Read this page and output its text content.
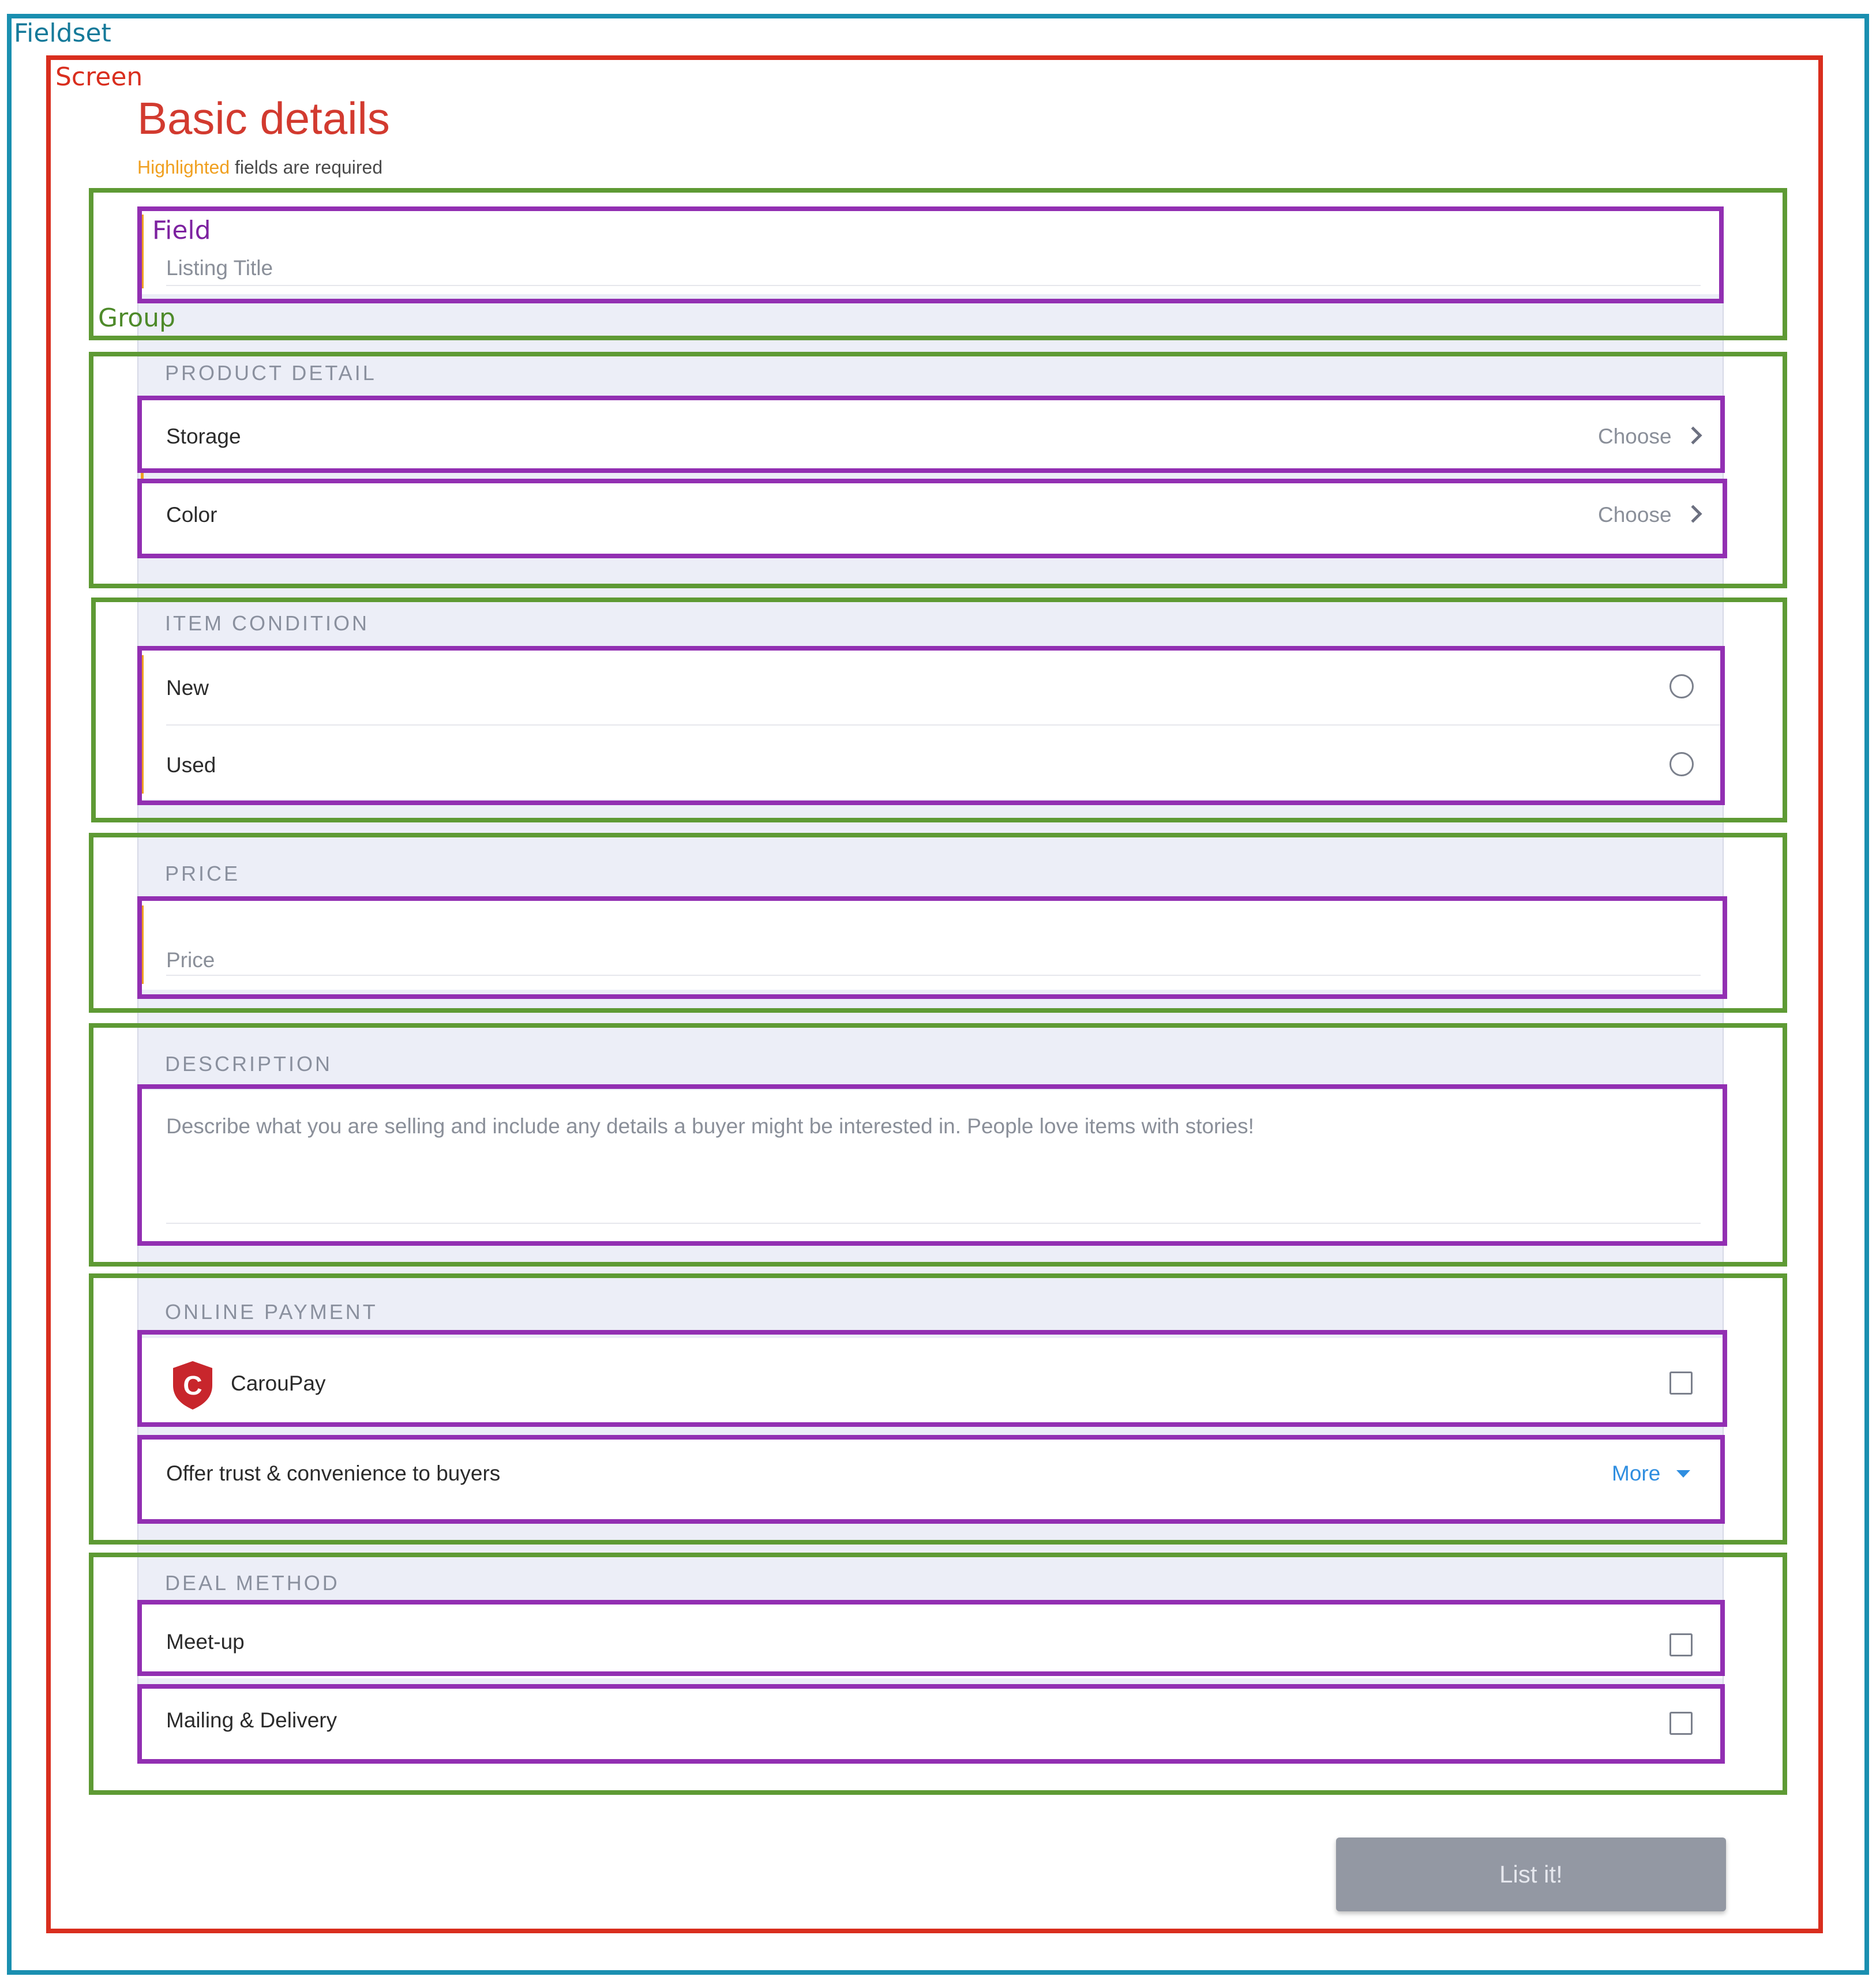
Fieldset
Screen
Basic details
Highlighted fields are required
Listing Title
PRODUCT DETAIL
Storage	Choose
Color	Choose
ITEM CONDITION
New
Used
PRICE
Price
DESCRIPTION
Describe what you are selling and include any details a buyer might be interested in. People love items with stories!
ONLINE PAYMENT
C CarouPay
Offer trust & convenience to buyers	More
DEAL METHOD
Meet-up
Mailing & Delivery
List it!
Group
Field
